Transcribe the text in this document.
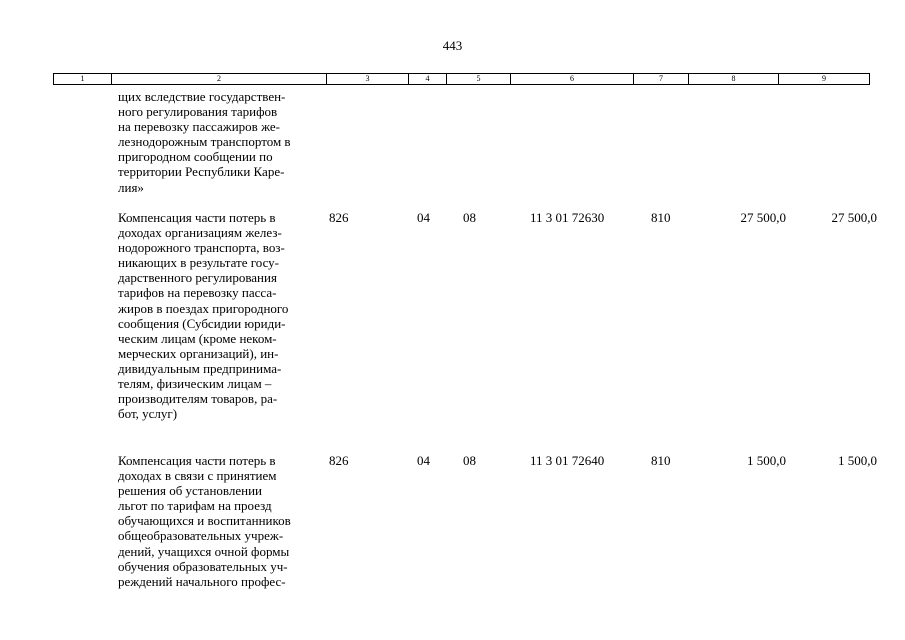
443
1	2	3	4	5	6	7	8	9
щих вследствие государствен-
ного регулирования тарифов
на перевозку пассажиров же-
лезнодорожным транспортом в
пригородном сообщении по
территории Республики Каре-
лия»
Компенсация части потерь в
доходах организациям желез-
нодорожного транспорта, воз-
никающих в результате госу-
дарственного регулирования
тарифов на перевозку пасса-
жиров в поездах пригородного
сообщения (Субсидии юриди-
ческим лицам (кроме неком-
мерческих организаций), ин-
дивидуальным предпринима-
телям, физическим лицам –
производителям товаров, ра-
бот, услуг)
826	04	08	11 3 01 72630	810	27 500,0	27 500,0
Компенсация части потерь в
доходах в связи с принятием
решения об установлении
льгот по тарифам на проезд
обучающихся и воспитанников
общеобразовательных учреж-
дений, учащихся очной формы
обучения образовательных уч-
реждений начального профес-
826	04	08	11 3 01 72640	810	1 500,0	1 500,0
